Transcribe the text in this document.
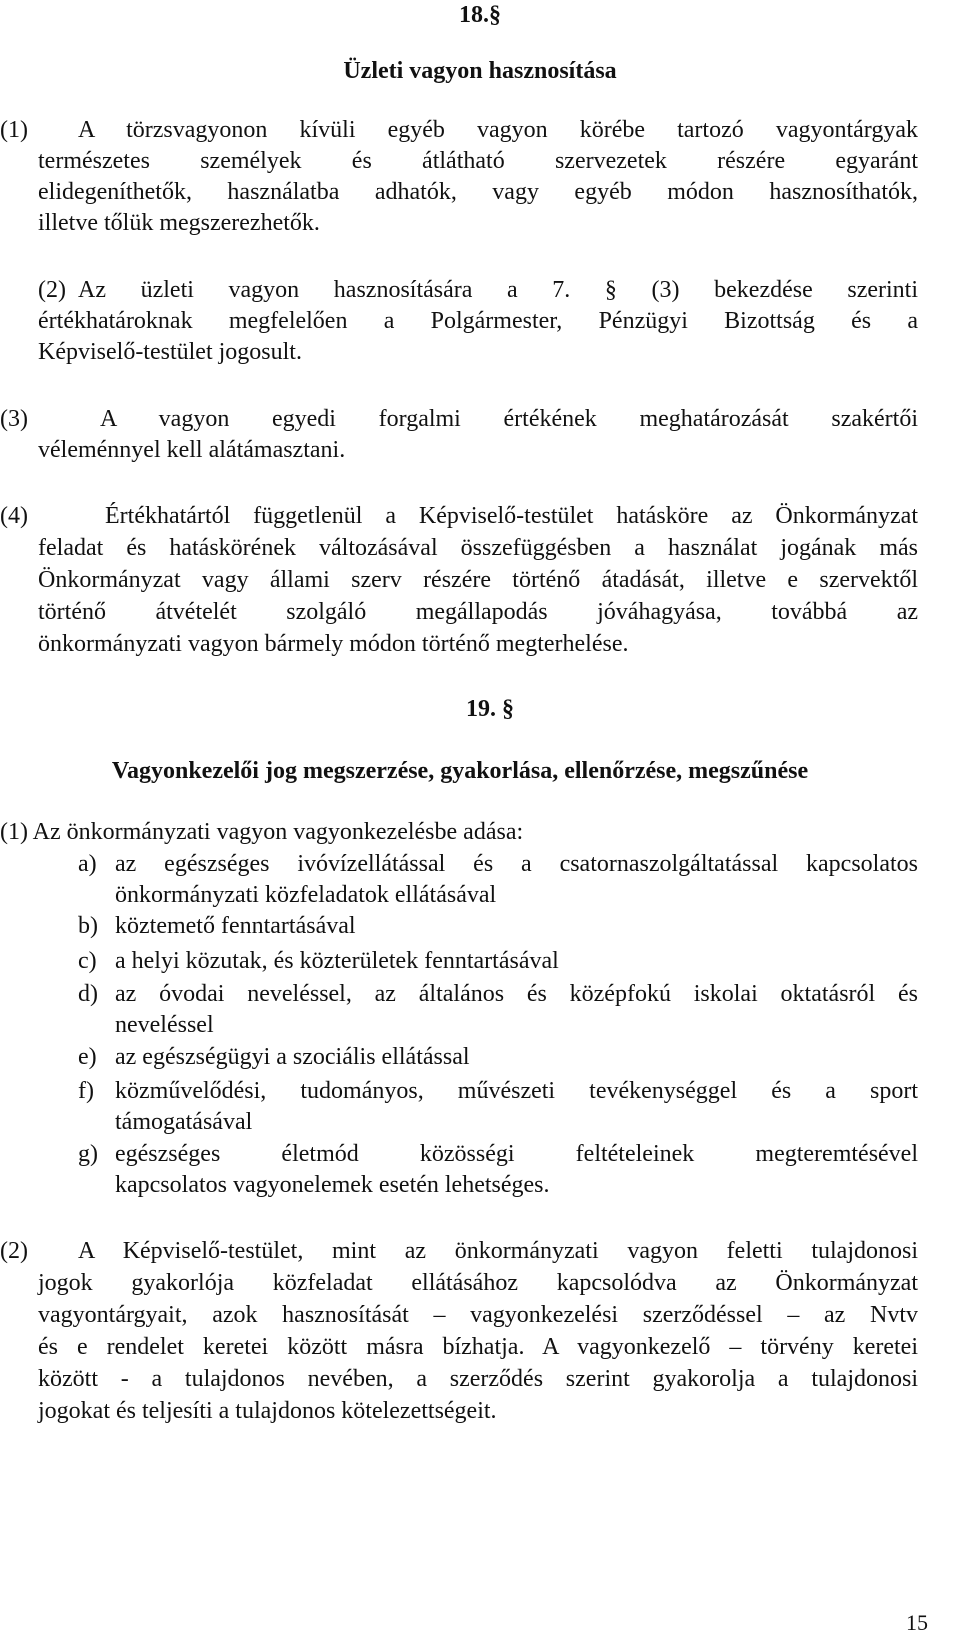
18.§
Üzleti vagyon hasznosítása
(1) A törzsvagyonon kívüli egyéb vagyon körébe tartozó vagyontárgyak
természetes személyek és átlátható szervezetek részére egyaránt
elidegeníthetők, használatba adhatók, vagy egyéb módon hasznosíthatók,
illetve tőlük megszerezhetők.
(2) Az üzleti vagyon hasznosítására a 7. § (3) bekezdése szerinti
értékhatároknak megfelelően a Polgármester, Pénzügyi Bizottság és a
Képviselő-testület jogosult.
(3)	A vagyon egyedi forgalmi értékének meghatározását szakértői
véleménnyel kell alátámasztani.
(4)	Értékhatártól függetlenül a Képviselő-testület hatásköre az Önkormányzat
feladat és hatáskörének változásával összefüggésben a használat jogának más
Önkormányzat vagy állami szerv részére történő átadását, illetve e szervektől
történő átvételét szolgáló megállapodás jóváhagyása, továbbá az
önkormányzati vagyon bármely módon történő megterhelése.
19. §
Vagyonkezelői jog megszerzése, gyakorlása, ellenőrzése, megszűnése
(1) Az önkormányzati vagyon vagyonkezelésbe adása:
a) az egészséges ivóvízellátással és a csatornaszolgáltatással kapcsolatos
önkormányzati közfeladatok ellátásával
b) köztemető fenntartásával
c) a helyi közutak, és közterületek fenntartásával
d) az óvodai neveléssel, az általános és középfokú iskolai oktatásról és
neveléssel
e) az egészségügyi a szociális ellátással
f) közművelődési, tudományos, művészeti tevékenységgel és a sport
támogatásával
g) egészséges életmód közösségi feltételeinek megteremtésével
kapcsolatos vagyonelemek esetén lehetséges.
(2) A Képviselő-testület, mint az önkormányzati vagyon feletti tulajdonosi
jogok gyakorlója közfeladat ellátásához kapcsolódva az Önkormányzat
vagyontárgyait, azok hasznosítását – vagyonkezelési szerződéssel – az Nvtv
és e rendelet keretei között másra bízhatja. A vagyonkezelő – törvény keretei
között - a tulajdonos nevében, a szerződés szerint gyakorolja a tulajdonosi
jogokat és teljesíti a tulajdonos kötelezettségeit.
15
